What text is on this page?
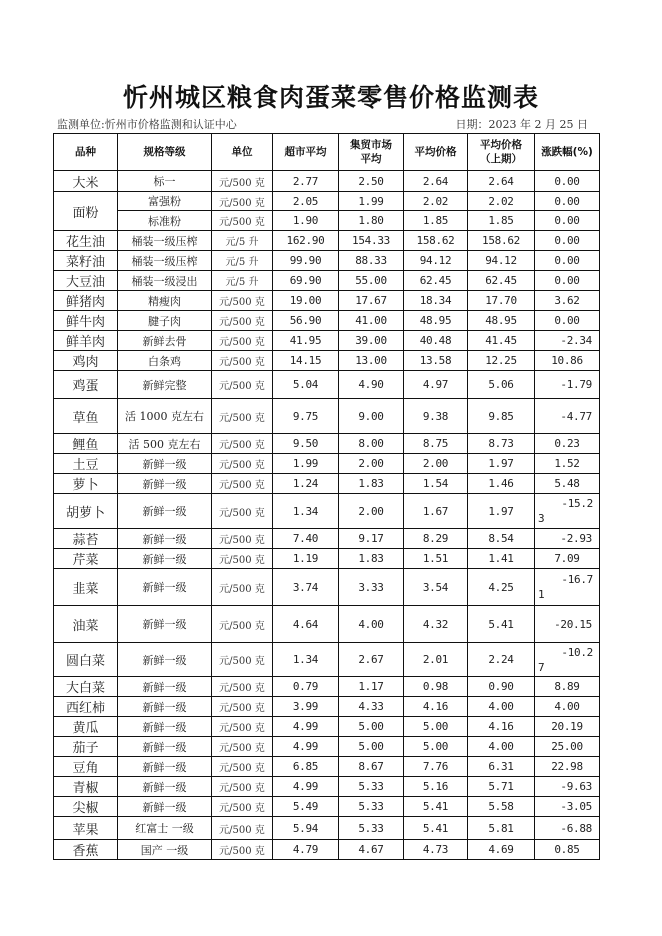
忻州城区粮食肉蛋菜零售价格监测表
监测单位:忻州市价格监测和认证中心	日期：2023 年 2 月 25 日
品种	规格等级	单位	超市平均	集贸市场
平均	平均价格	平均价格
（上期）	涨跌幅(%)
大米	标一	元/500 克	2.77	2.50	2.64	2.64	0.00
面粉	富强粉	元/500 克	2.05	1.99	2.02	2.02	0.00
标准粉	元/500 克	1.90	1.80	1.85	1.85	0.00
花生油	桶装一级压榨	元/5 升	162.90	154.33	158.62	158.62	0.00
菜籽油	桶装一级压榨	元/5 升	99.90	88.33	94.12	94.12	0.00
大豆油	桶装一级浸出	元/5 升	69.90	55.00	62.45	62.45	0.00
鲜猪肉	精瘦肉	元/500 克	19.00	17.67	18.34	17.70	3.62
鲜牛肉	腱子肉	元/500 克	56.90	41.00	48.95	48.95	0.00
鲜羊肉	新鲜去骨	元/500 克	41.95	39.00	40.48	41.45	-2.34
鸡肉	白条鸡	元/500 克	14.15	13.00	13.58	12.25	10.86
鸡蛋	新鲜完整	元/500 克	5.04	4.90	4.97	5.06	-1.79
草鱼	活 1000 克左右	元/500 克	9.75	9.00	9.38	9.85	-4.77
鲤鱼	活 500 克左右	元/500 克	9.50	8.00	8.75	8.73	0.23
土豆	新鲜一级	元/500 克	1.99	2.00	2.00	1.97	1.52
萝卜	新鲜一级	元/500 克	1.24	1.83	1.54	1.46	5.48
胡萝卜	新鲜一级	元/500 克	1.34	2.00	1.67	1.97	
-15.2
3

蒜苔	新鲜一级	元/500 克	7.40	9.17	8.29	8.54	-2.93
芹菜	新鲜一级	元/500 克	1.19	1.83	1.51	1.41	7.09
韭菜	新鲜一级	元/500 克	3.74	3.33	3.54	4.25	
-16.7
1

油菜	新鲜一级	元/500 克	4.64	4.00	4.32	5.41	-20.15
圆白菜	新鲜一级	元/500 克	1.34	2.67	2.01	2.24	
-10.2
7

大白菜	新鲜一级	元/500 克	0.79	1.17	0.98	0.90	8.89
西红柿	新鲜一级	元/500 克	3.99	4.33	4.16	4.00	4.00
黄瓜	新鲜一级	元/500 克	4.99	5.00	5.00	4.16	20.19
茄子	新鲜一级	元/500 克	4.99	5.00	5.00	4.00	25.00
豆角	新鲜一级	元/500 克	6.85	8.67	7.76	6.31	22.98
青椒	新鲜一级	元/500 克	4.99	5.33	5.16	5.71	-9.63
尖椒	新鲜一级	元/500 克	5.49	5.33	5.41	5.58	-3.05
苹果	红富士 一级	元/500 克	5.94	5.33	5.41	5.81	-6.88
香蕉	国产 一级	元/500 克	4.79	4.67	4.73	4.69	0.85
